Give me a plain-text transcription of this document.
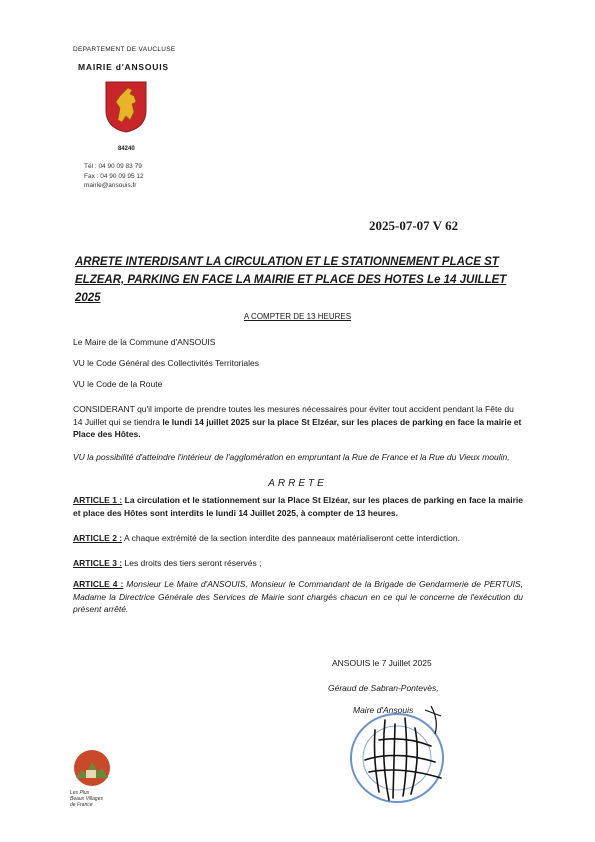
DEPARTEMENT DE VAUCLUSE
MAIRIE d'ANSOUIS
84240
Tél : 04 90 09 83 79
Fax : 04 90 09 95 12
mairie@ansouis.fr
2025-07-07 V 62
ARRETE INTERDISANT LA CIRCULATION ET LE STATIONNEMENT PLACE ST ELZEAR, PARKING EN FACE LA MAIRIE ET PLACE DES HOTES Le 14 JUILLET 2025
A COMPTER DE 13 HEURES
Le Maire de la Commune d'ANSOUIS
VU le Code Général des Collectivités Territoriales
VU le Code de la Route
CONSIDERANT qu'il importe de prendre toutes les mesures nécessaires pour éviter tout accident pendant la Fête du 14 Juillet qui se tiendra le lundi 14 juillet 2025 sur la place St Elzéar, sur les places de parking en face la mairie et Place des Hôtes.
VU la possibilité d'atteindre l'intérieur de l'agglomération en empruntant la Rue de France et la Rue du Vieux moulin,
ARRETE
ARTICLE 1 : La circulation et le stationnement sur la Place St Elzéar, sur les places de parking en face la mairie et place des Hôtes sont interdits le lundi 14 Juillet 2025, à compter de 13 heures.
ARTICLE 2 : A chaque extrémité de la section interdite des panneaux matérialiseront cette interdiction.
ARTICLE 3 : Les droits des tiers seront réservés ;
ARTICLE 4 : Monsieur Le Maire d'ANSOUIS, Monsieur le Commandant de la Brigade de Gendarmerie de PERTUIS, Madame la Directrice Générale des Services de Mairie sont chargés chacun en ce qui le concerne de l'exécution du présent arrêté.
ANSOUIS le 7 Juillet 2025
Géraud de Sabran-Pontevès,
Maire d'Ansouis
Les Plus
Beaux Villages
de France
